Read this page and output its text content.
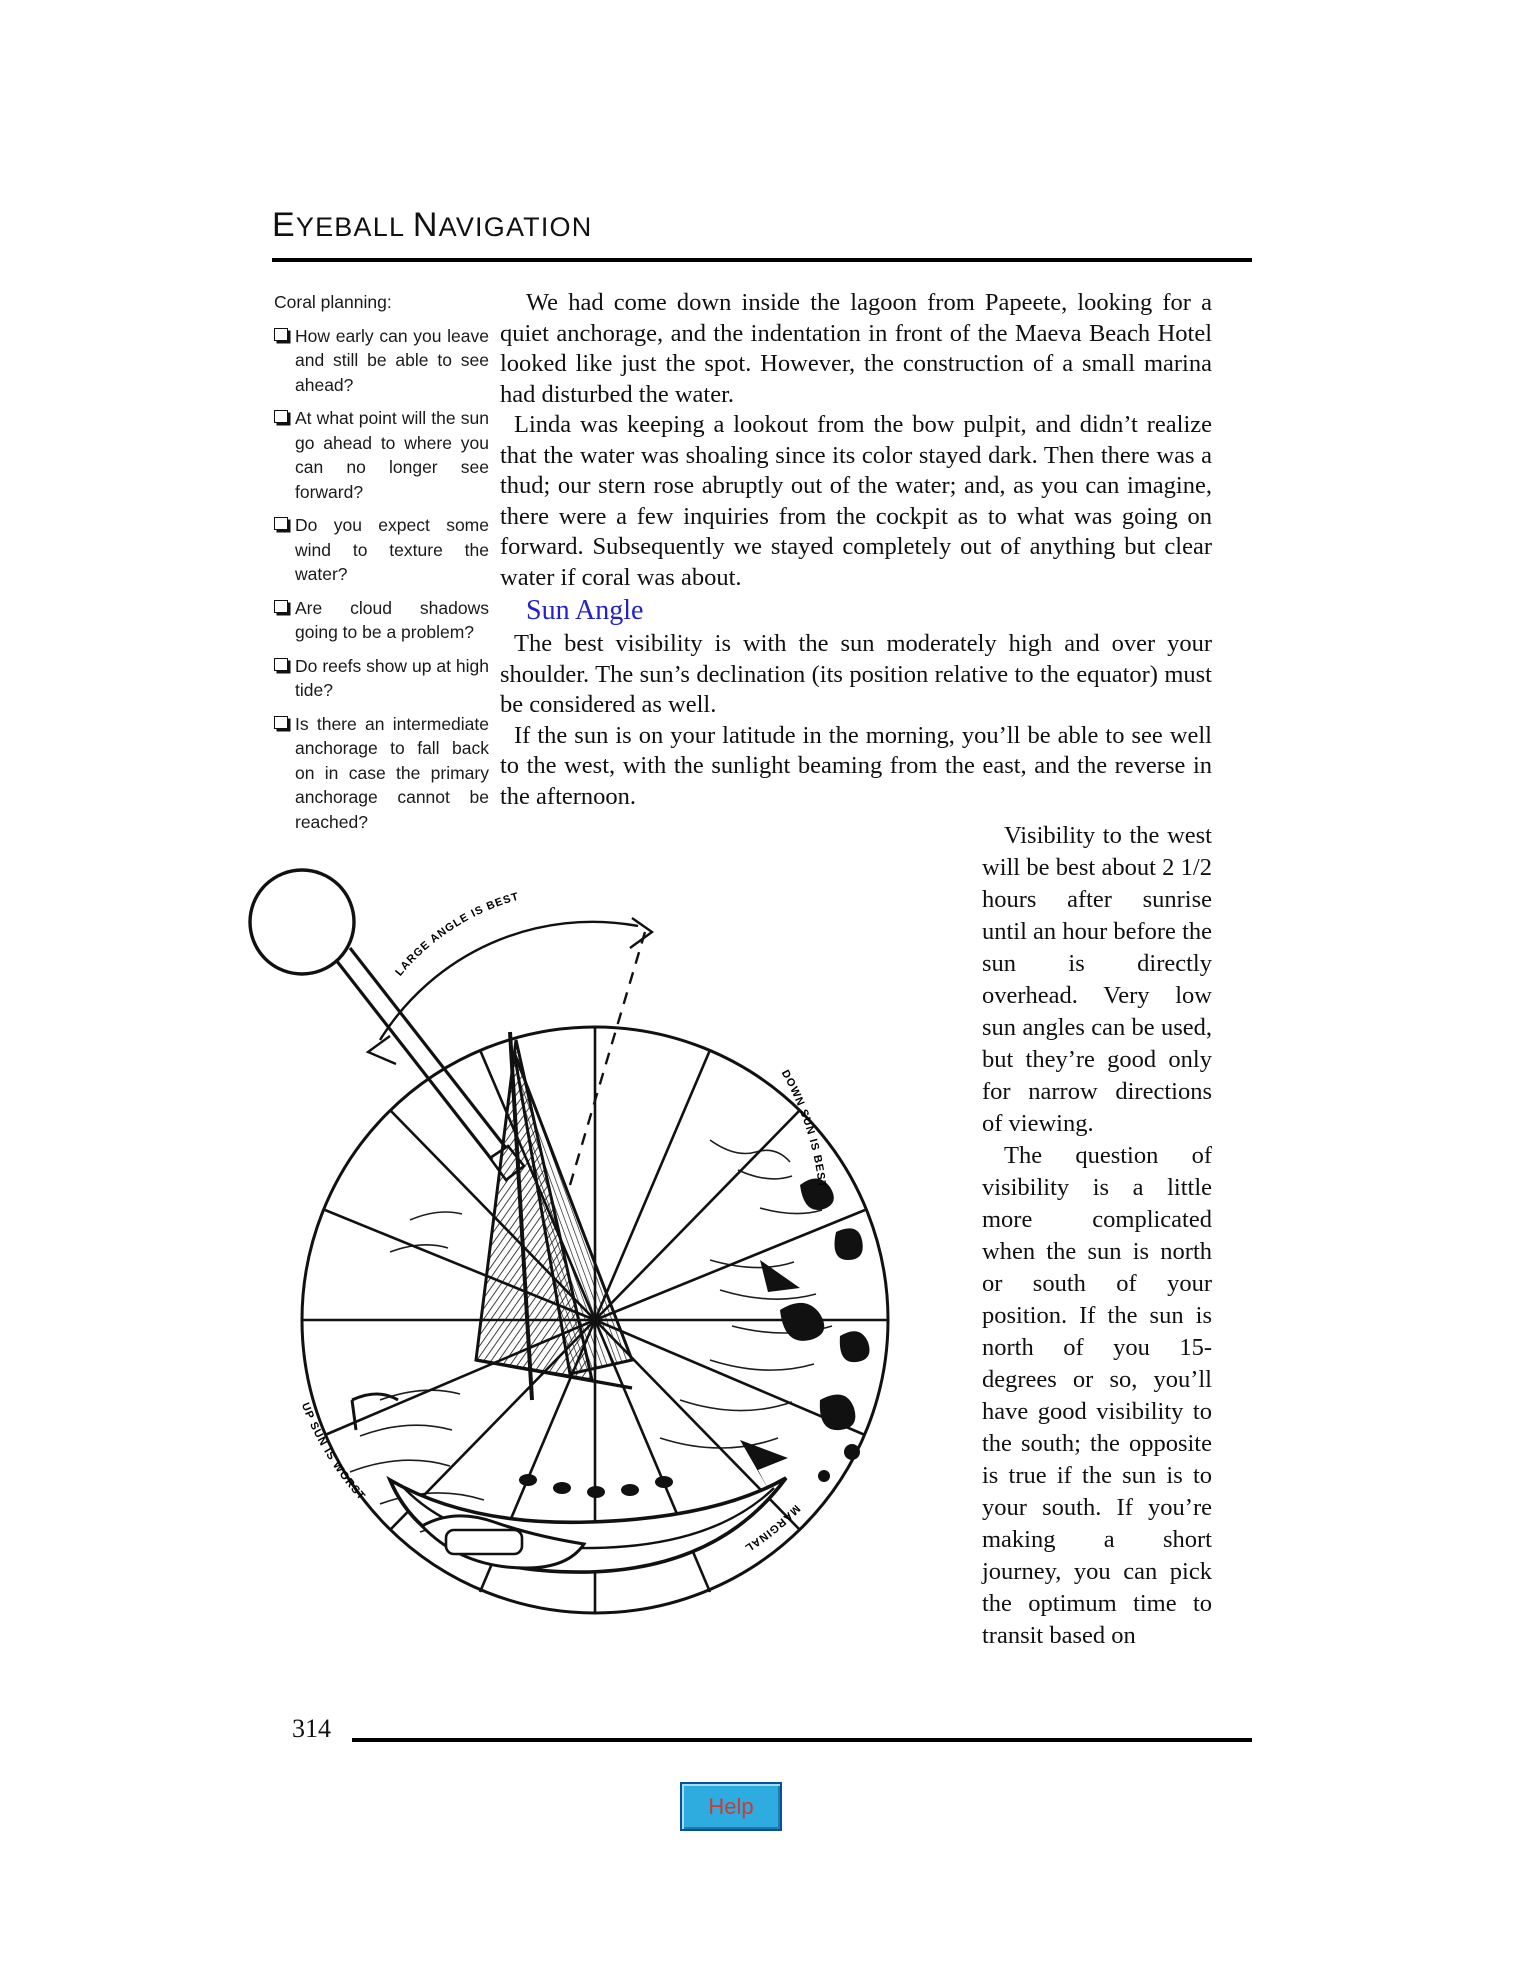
EYEBALL NAVIGATION

Coral planning:

How early can you leave and still be able to see ahead?
At what point will the sun go ahead to where you can no longer see forward?
Do you expect some wind to texture the water?
Are cloud shadows going to be a problem?
Do reefs show up at high tide?
Is there an intermediate anchorage to fall back on in case the primary anchorage cannot be reached?

We had come down inside the lagoon from Papeete, looking for a quiet anchorage, and the indentation in front of the Maeva Beach Hotel looked like just the spot. However, the construction of a small marina had disturbed the water.

Linda was keeping a lookout from the bow pulpit, and didn’t realize that the water was shoaling since its color stayed dark. Then there was a thud; our stern rose abruptly out of the water; and, as you can imagine, there were a few inquiries from the cockpit as to what was going on forward. Subsequently we stayed completely out of anything but clear water if coral was about.

Sun Angle

The best visibility is with the sun moderately high and over your shoulder. The sun’s declination (its position relative to the equator) must be considered as well.

If the sun is on your latitude in the morning, you’ll be able to see well to the west, with the sunlight beaming from the east, and the reverse in the afternoon.

Visibility to the west will be best about 2 1/2 hours after sunrise until an hour before the sun is directly overhead. Very low sun angles can be used, but they’re good only for narrow directions of viewing.

The question of visibility is a little more complicated when the sun is north or south of your position. If the sun is north of you 15-degrees or so, you’ll have good visibility to the south; the opposite is true if the sun is to your south. If you’re making a short journey, you can pick the optimum time to transit based on

LARGE ANGLE IS BEST
DOWN SUN IS BEST
UP SUN IS WORST
MARGINAL
314
Help
